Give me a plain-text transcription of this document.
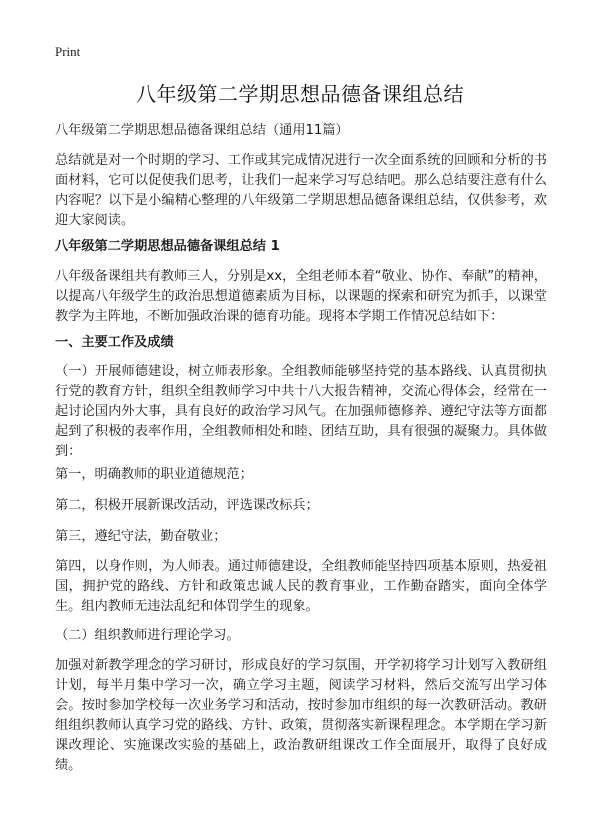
Print
八年级第二学期思想品德备课组总结
八年级第二学期思想品德备课组总结（通用11篇）
总结就是对一个时期的学习、工作或其完成情况进行一次全面系统的回顾和分析的书面材料，它可以促使我们思考，让我们一起来学习写总结吧。那么总结要注意有什么内容呢？以下是小编精心整理的八年级第二学期思想品德备课组总结，仅供参考，欢迎大家阅读。
八年级第二学期思想品德备课组总结 1
八年级备课组共有教师三人，分别是xx，全组老师本着“敬业、协作、奉献”的精神，以提高八年级学生的政治思想道德素质为目标，以课题的探索和研究为抓手，以课堂教学为主阵地，不断加强政治课的德育功能。现将本学期工作情况总结如下：
一、主要工作及成绩
（一）开展师德建设，树立师表形象。全组教师能够坚持党的基本路线、认真贯彻执行党的教育方针，组织全组教师学习中共十八大报告精神，交流心得体会，经常在一起讨论国内外大事，具有良好的政治学习风气。在加强师德修养、遵纪守法等方面都起到了积极的表率作用，全组教师相处和睦、团结互助，具有很强的凝聚力。具体做到：
第一，明确教师的职业道德规范；
第二，积极开展新课改活动，评选课改标兵；
第三，遵纪守法，勤奋敬业；
第四，以身作则，为人师表。通过师德建设，全组教师能坚持四项基本原则，热爱祖国，拥护党的路线、方针和政策忠诚人民的教育事业，工作勤奋踏实，面向全体学生。组内教师无违法乱纪和体罚学生的现象。
（二）组织教师进行理论学习。
加强对新教学理念的学习研讨，形成良好的学习氛围，开学初将学习计划写入教研组计划，每半月集中学习一次，确立学习主题，阅读学习材料，然后交流写出学习体会。按时参加学校每一次业务学习和活动，按时参加市组织的每一次教研活动。教研组组织教师认真学习党的路线、方针、政策，贯彻落实新课程理念。本学期在学习新课改理论、实施课改实验的基础上，政治教研组课改工作全面展开，取得了良好成绩。
